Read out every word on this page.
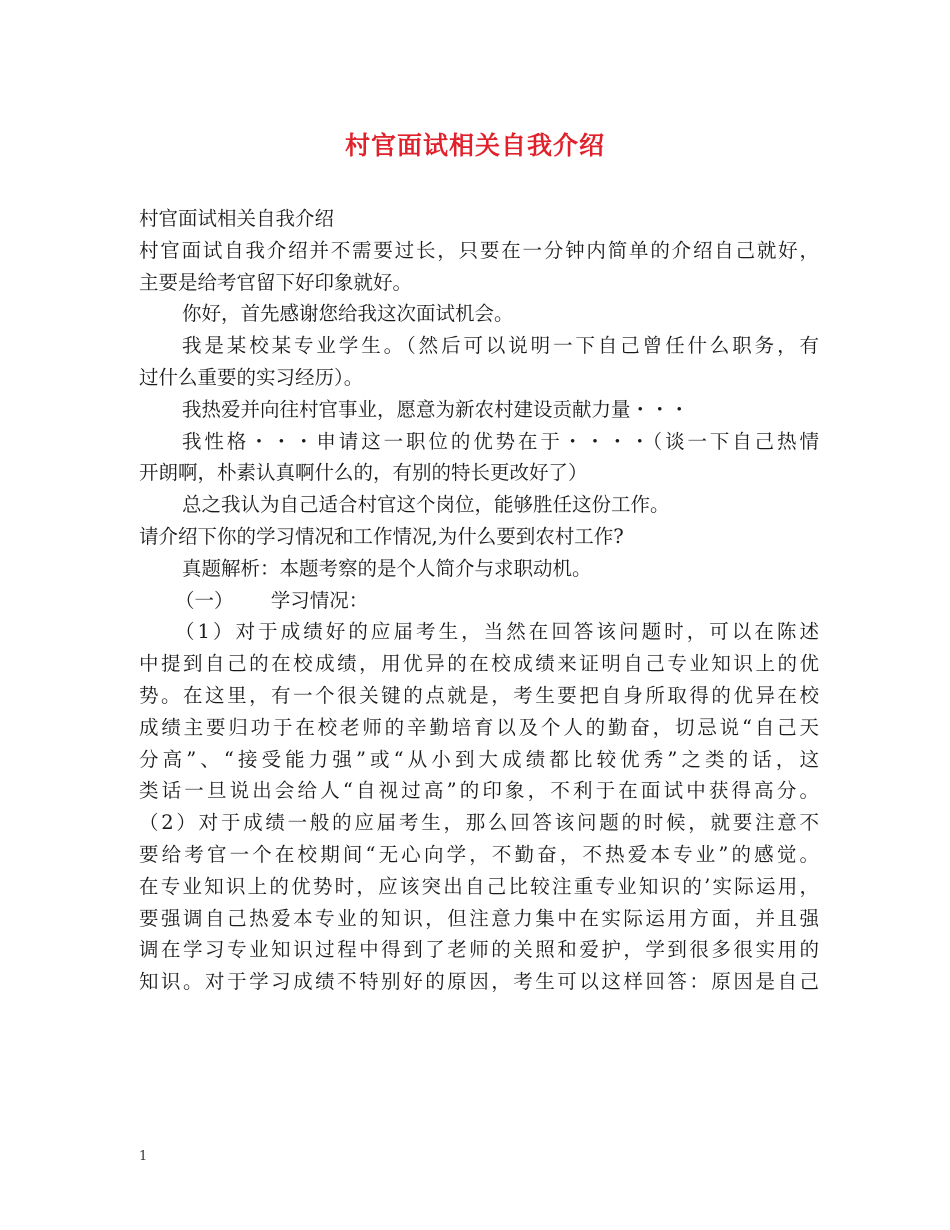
村官面试相关自我介绍
村官面试相关自我介绍
村官面试自我介绍并不需要过长，只要在一分钟内简单的介绍自己就好，
主要是给考官留下好印象就好。
你好，首先感谢您给我这次面试机会。
我是某校某专业学生。（然后可以说明一下自己曾任什么职务，有
过什么重要的实习经历）。
我热爱并向往村官事业，愿意为新农村建设贡献力量・・・
我性格・・・申请这一职位的优势在于・・・・（谈一下自己热情
开朗啊，朴素认真啊什么的，有别的特长更改好了）
总之我认为自己适合村官这个岗位，能够胜任这份工作。
请介绍下你的学习情况和工作情况,为什么要到农村工作?
真题解析：本题考察的是个人简介与求职动机。
（一）      学习情况：
（1）对于成绩好的应届考生，当然在回答该问题时，可以在陈述
中提到自己的在校成绩，用优异的在校成绩来证明自己专业知识上的优
势。在这里，有一个很关键的点就是，考生要把自身所取得的优异在校
成绩主要归功于在校老师的辛勤培育以及个人的勤奋，切忌说“自己天
分高”、“接受能力强”或“从小到大成绩都比较优秀”之类的话，这
类话一旦说出会给人“自视过高”的印象，不利于在面试中获得高分。
（2）对于成绩一般的应届考生，那么回答该问题的时候，就要注意不
要给考官一个在校期间“无心向学，不勤奋，不热爱本专业”的感觉。
在专业知识上的优势时，应该突出自己比较注重专业知识的’实际运用，
要强调自己热爱本专业的知识，但注意力集中在实际运用方面，并且强
调在学习专业知识过程中得到了老师的关照和爱护，学到很多很实用的
知识。对于学习成绩不特别好的原因，考生可以这样回答：原因是自己
1
